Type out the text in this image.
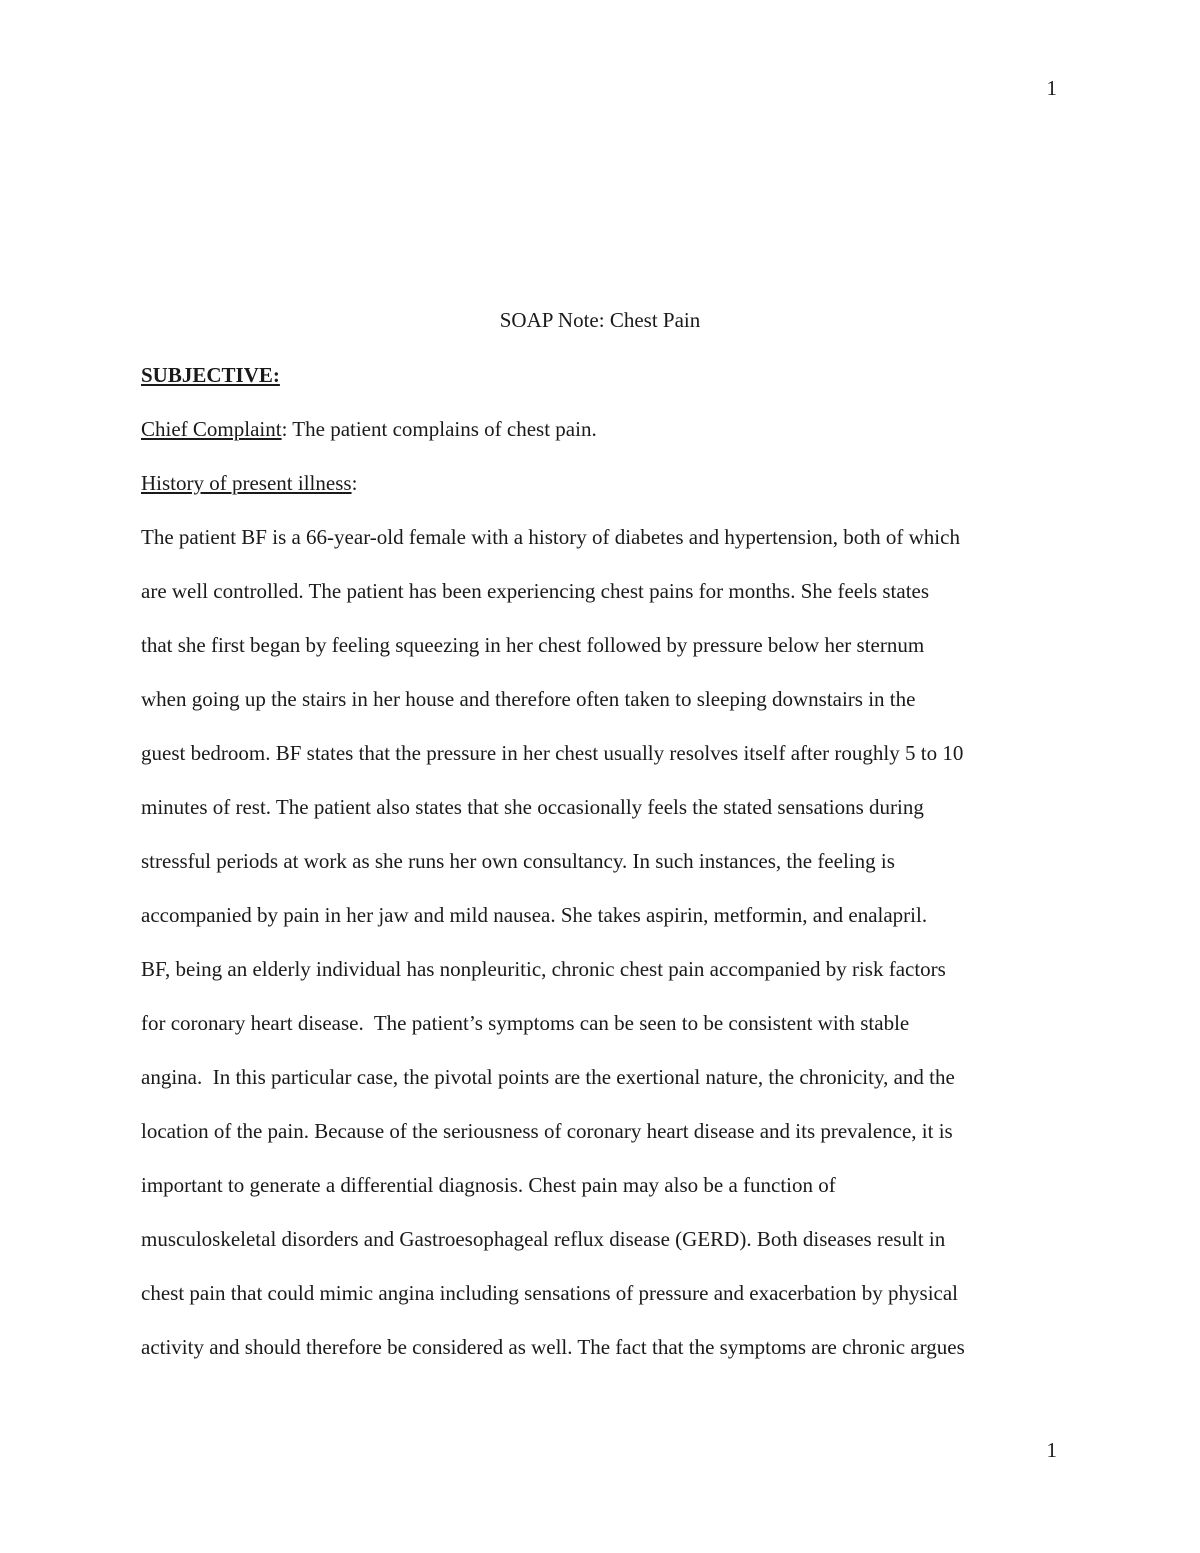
1
SOAP Note: Chest Pain
SUBJECTIVE:
Chief Complaint: The patient complains of chest pain.
History of present illness:
The patient BF is a 66-year-old female with a history of diabetes and hypertension, both of which
are well controlled. The patient has been experiencing chest pains for months. She feels states
that she first began by feeling squeezing in her chest followed by pressure below her sternum
when going up the stairs in her house and therefore often taken to sleeping downstairs in the
guest bedroom. BF states that the pressure in her chest usually resolves itself after roughly 5 to 10
minutes of rest. The patient also states that she occasionally feels the stated sensations during
stressful periods at work as she runs her own consultancy. In such instances, the feeling is
accompanied by pain in her jaw and mild nausea. She takes aspirin, metformin, and enalapril.
BF, being an elderly individual has nonpleuritic, chronic chest pain accompanied by risk factors
for coronary heart disease.  The patient’s symptoms can be seen to be consistent with stable
angina.  In this particular case, the pivotal points are the exertional nature, the chronicity, and the
location of the pain. Because of the seriousness of coronary heart disease and its prevalence, it is
important to generate a differential diagnosis. Chest pain may also be a function of
musculoskeletal disorders and Gastroesophageal reflux disease (GERD). Both diseases result in
chest pain that could mimic angina including sensations of pressure and exacerbation by physical
activity and should therefore be considered as well. The fact that the symptoms are chronic argues
1
